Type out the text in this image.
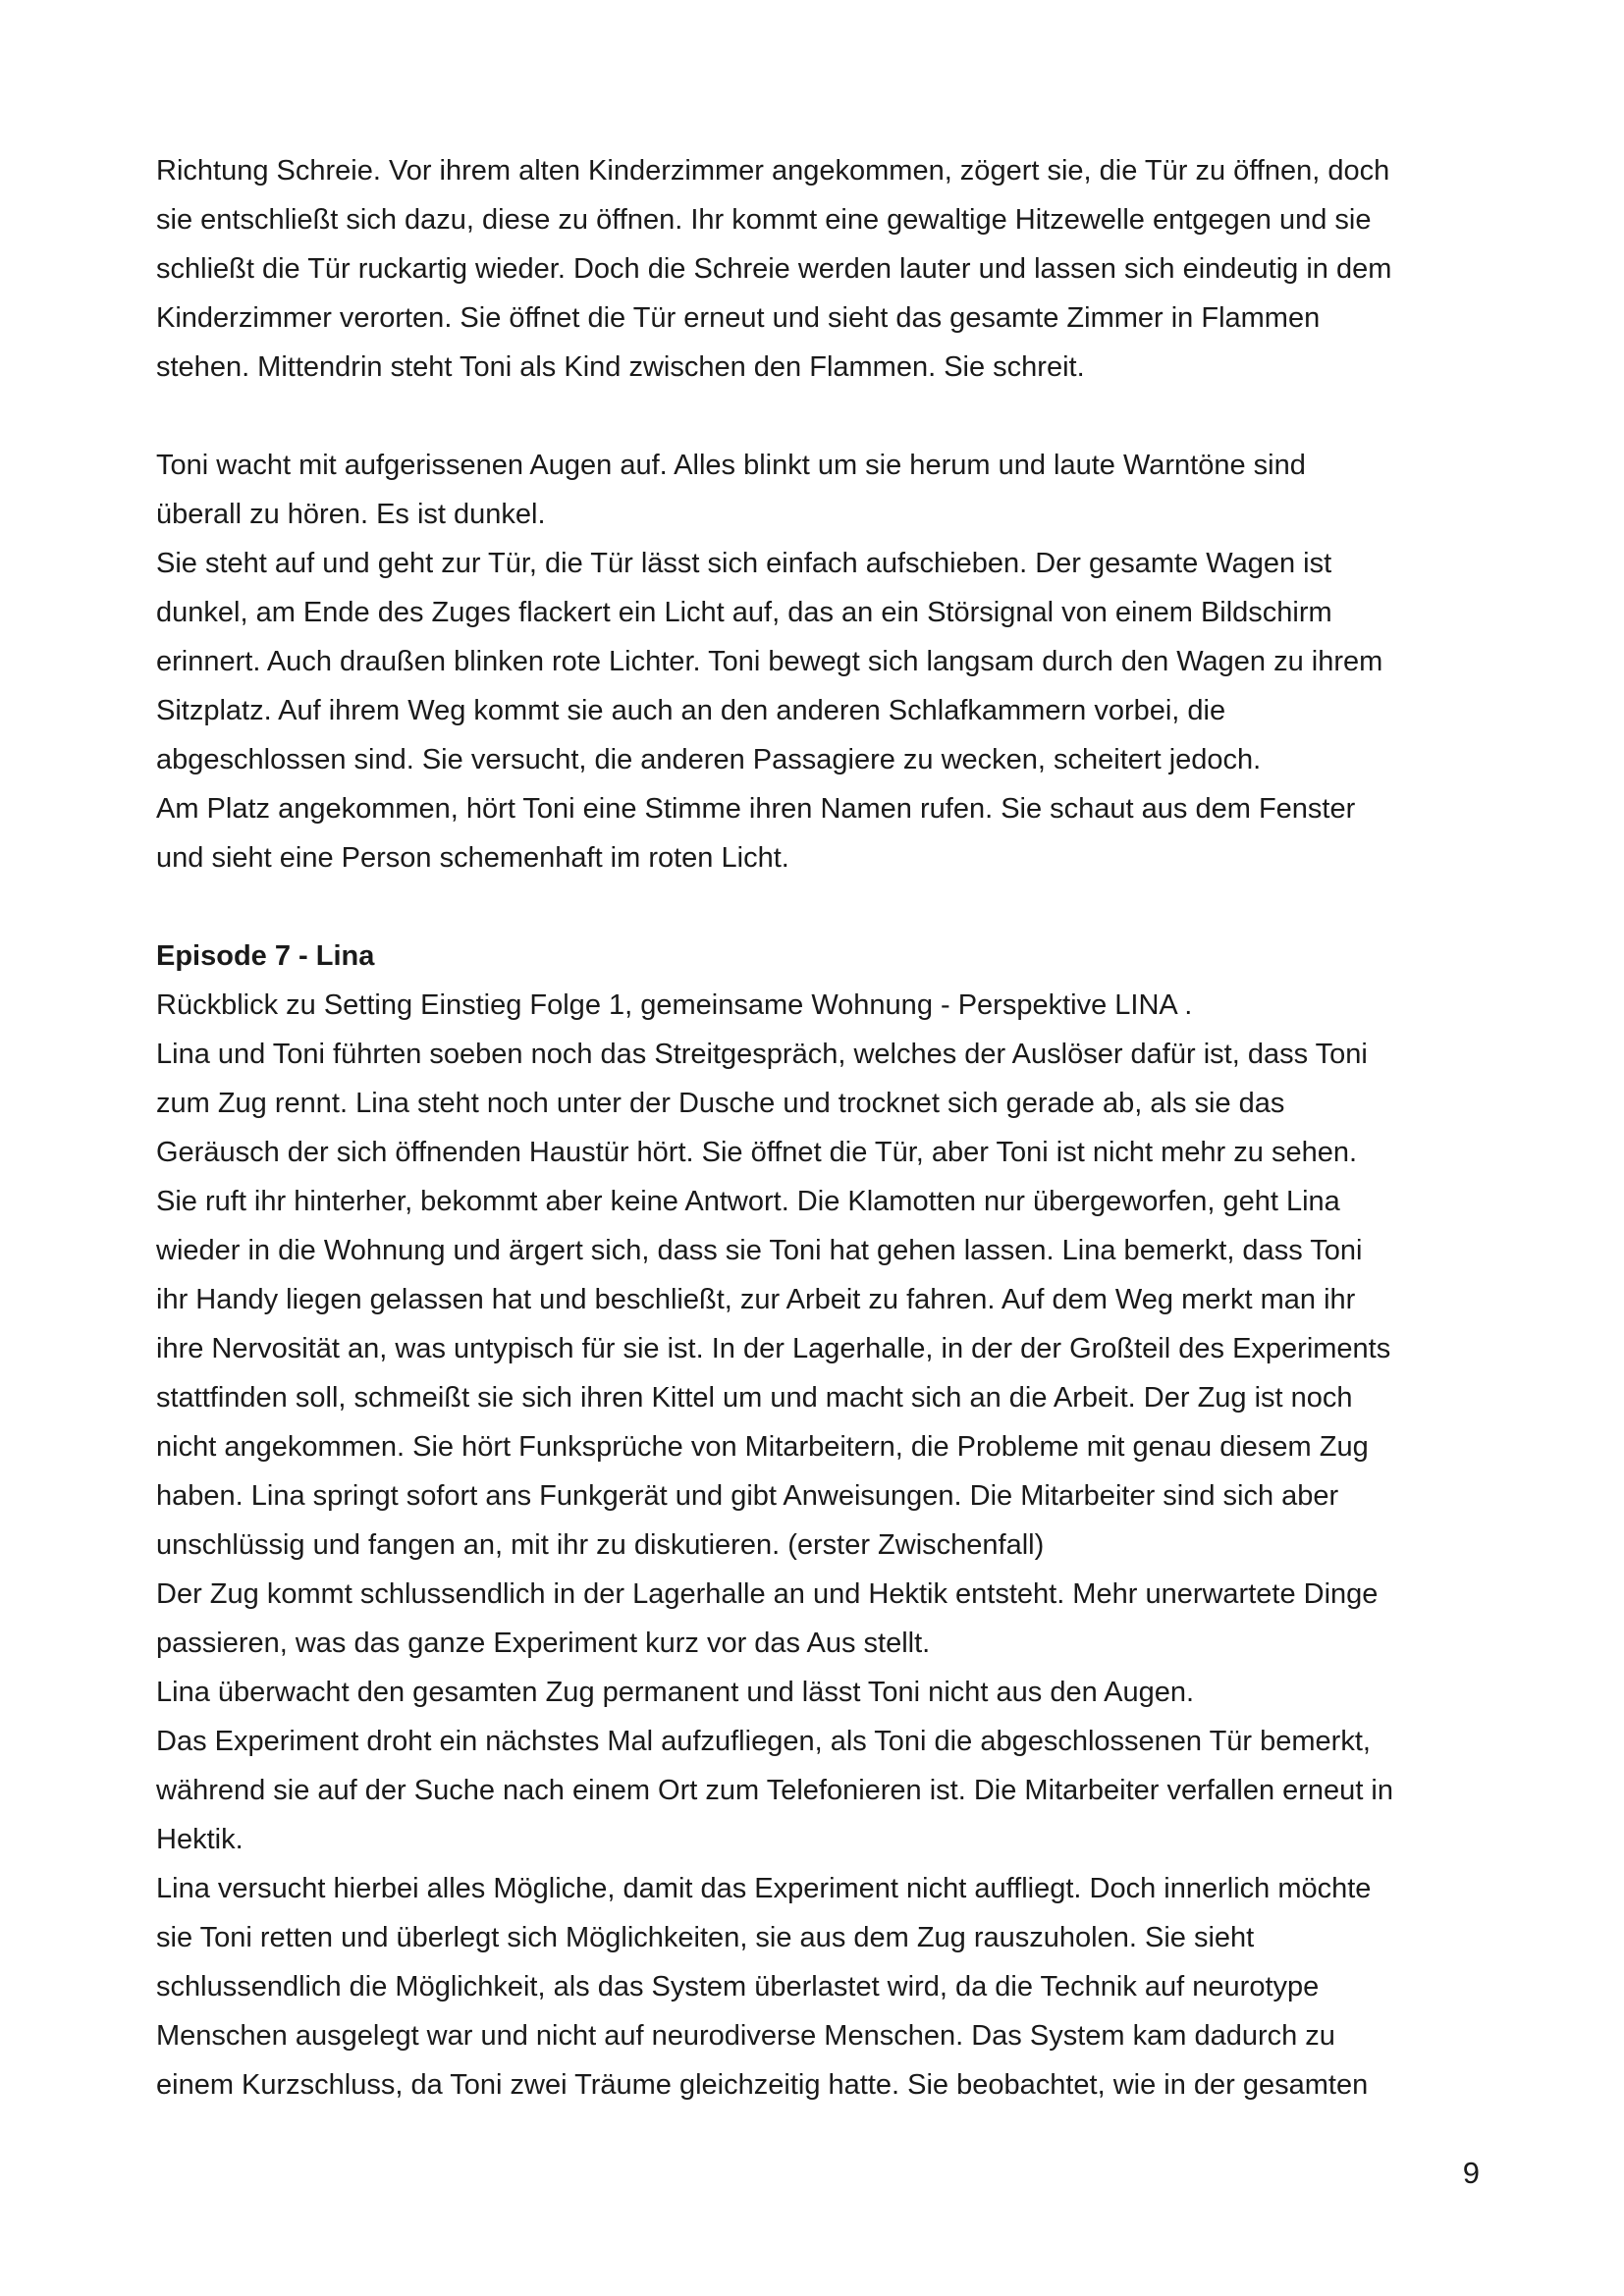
Richtung Schreie. Vor ihrem alten Kinderzimmer angekommen, zögert sie, die Tür zu öffnen, doch
sie entschließt sich dazu, diese zu öffnen. Ihr kommt eine gewaltige Hitzewelle entgegen und sie
schließt die Tür ruckartig wieder. Doch die Schreie werden lauter und lassen sich eindeutig in dem
Kinderzimmer verorten. Sie öffnet die Tür erneut und sieht das gesamte Zimmer in Flammen
stehen. Mittendrin steht Toni als Kind zwischen den Flammen. Sie schreit.
Toni wacht mit aufgerissenen Augen auf. Alles blinkt um sie herum und laute Warntöne sind
überall zu hören. Es ist dunkel.
Sie steht auf und geht zur Tür, die Tür lässt sich einfach aufschieben. Der gesamte Wagen ist
dunkel, am Ende des Zuges flackert ein Licht auf, das an ein Störsignal von einem Bildschirm
erinnert. Auch draußen blinken rote Lichter. Toni bewegt sich langsam durch den Wagen zu ihrem
Sitzplatz. Auf ihrem Weg kommt sie auch an den anderen Schlafkammern vorbei, die
abgeschlossen sind. Sie versucht, die anderen Passagiere zu wecken, scheitert jedoch.
Am Platz angekommen, hört Toni eine Stimme ihren Namen rufen. Sie schaut aus dem Fenster
und sieht eine Person schemenhaft im roten Licht.
Episode 7 - Lina
Rückblick zu Setting Einstieg Folge 1, gemeinsame Wohnung - Perspektive LINA .
Lina und Toni führten soeben noch das Streitgespräch, welches der Auslöser dafür ist, dass Toni
zum Zug rennt. Lina steht noch unter der Dusche und trocknet sich gerade ab, als sie das
Geräusch der sich öffnenden Haustür hört. Sie öffnet die Tür, aber Toni ist nicht mehr zu sehen.
Sie ruft ihr hinterher, bekommt aber keine Antwort. Die Klamotten nur übergeworfen, geht Lina
wieder in die Wohnung und ärgert sich, dass sie Toni hat gehen lassen. Lina bemerkt, dass Toni
ihr Handy liegen gelassen hat und beschließt, zur Arbeit zu fahren. Auf dem Weg merkt man ihr
ihre Nervosität an, was untypisch für sie ist. In der Lagerhalle, in der der Großteil des Experiments
stattfinden soll, schmeißt sie sich ihren Kittel um und macht sich an die Arbeit. Der Zug ist noch
nicht angekommen. Sie hört Funksprüche von Mitarbeitern, die Probleme mit genau diesem Zug
haben. Lina springt sofort ans Funkgerät und gibt Anweisungen. Die Mitarbeiter sind sich aber
unschlüssig und fangen an, mit ihr zu diskutieren. (erster Zwischenfall)
Der Zug kommt schlussendlich in der Lagerhalle an und Hektik entsteht. Mehr unerwartete Dinge
passieren, was das ganze Experiment kurz vor das Aus stellt.
Lina überwacht den gesamten Zug permanent und lässt Toni nicht aus den Augen.
Das Experiment droht ein nächstes Mal aufzufliegen, als Toni die abgeschlossenen Tür bemerkt,
während sie auf der Suche nach einem Ort zum Telefonieren ist. Die Mitarbeiter verfallen erneut in
Hektik.
Lina versucht hierbei alles Mögliche, damit das Experiment nicht auffliegt. Doch innerlich möchte
sie Toni retten und überlegt sich Möglichkeiten, sie aus dem Zug rauszuholen. Sie sieht
schlussendlich die Möglichkeit, als das System überlastet wird, da die Technik auf neurotype
Menschen ausgelegt war und nicht auf neurodiverse Menschen. Das System kam dadurch zu
einem Kurzschluss, da Toni zwei Träume gleichzeitig hatte. Sie beobachtet, wie in der gesamten
9
